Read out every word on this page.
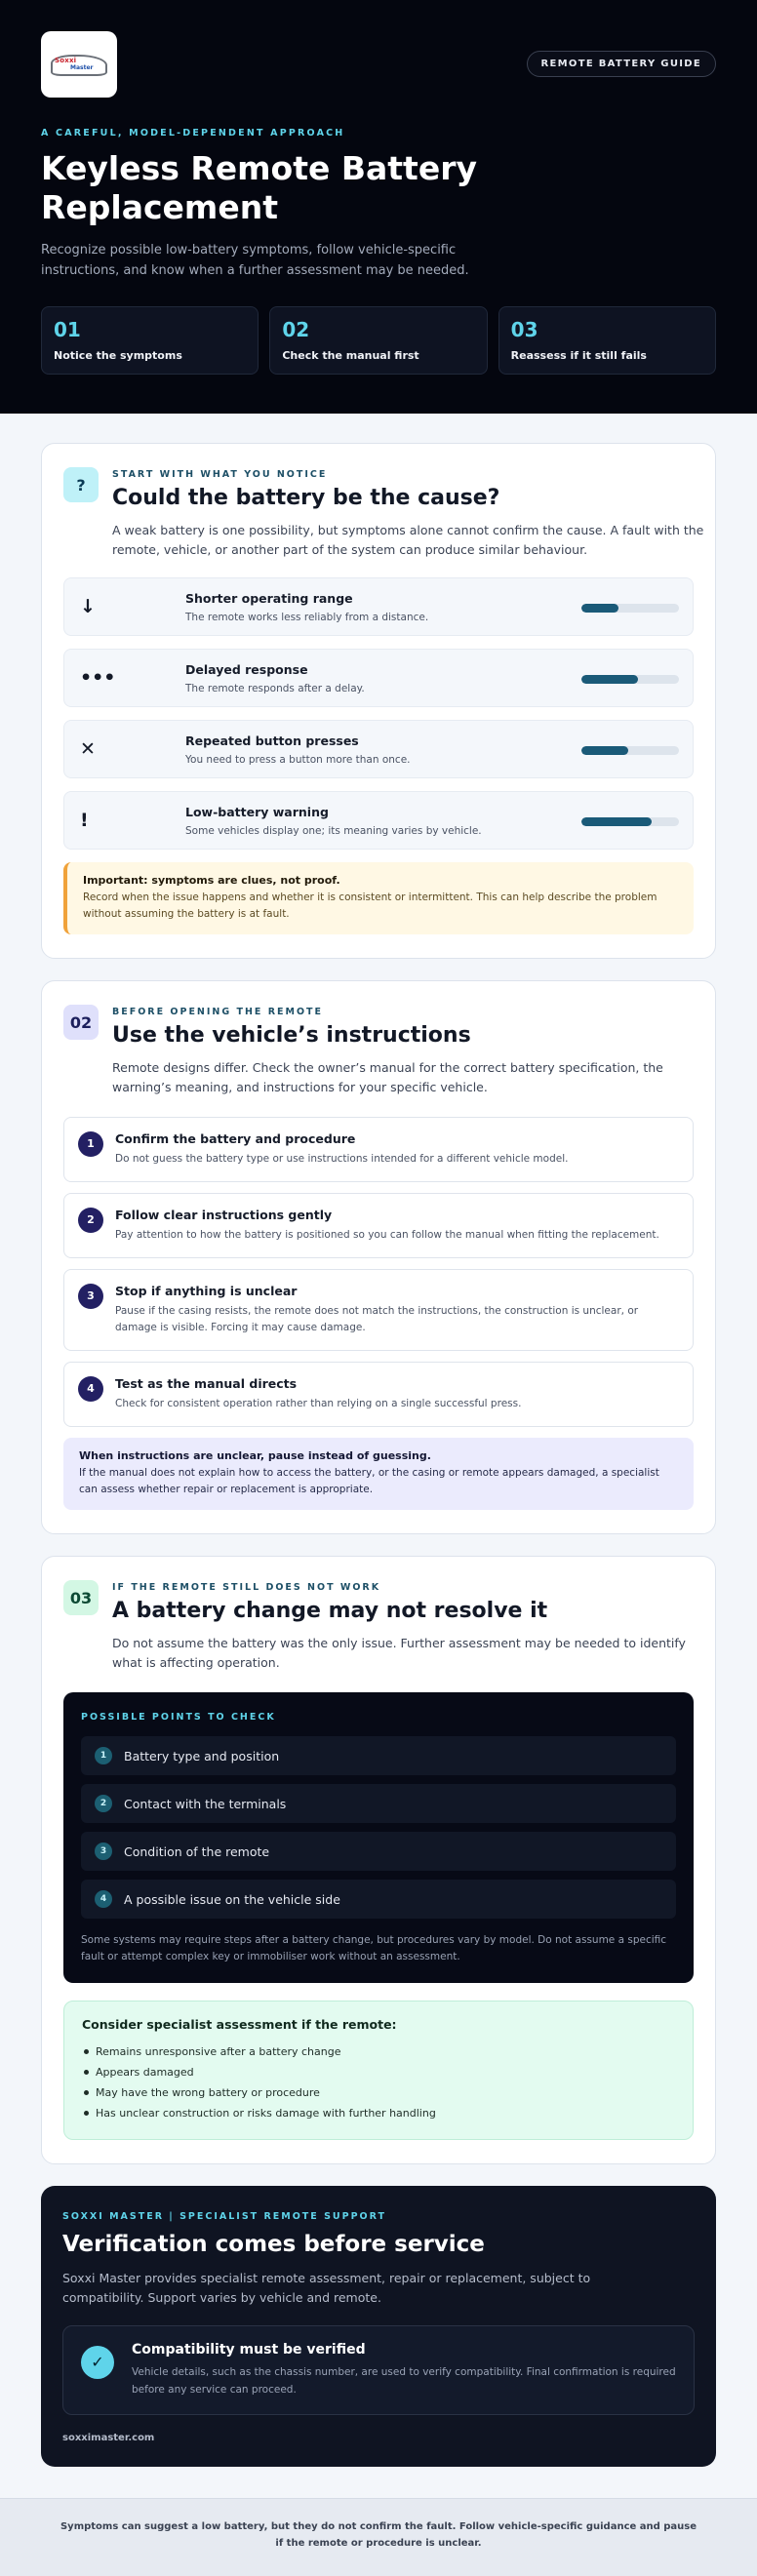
Soxxi
Master	REMOTE BATTERY GUIDE
A CAREFUL, MODEL-DEPENDENT APPROACH
Keyless Remote Battery Replacement

Recognize possible low-battery symptoms, follow vehicle-specific instructions, and know when a further assessment may be needed.

01
Notice the symptoms
02
Check the manual first
03
Reassess if it still fails
?
START WITH WHAT YOU NOTICE
Could the battery be the cause?

A weak battery is one possibility, but symptoms alone cannot confirm the cause. A fault with the remote, vehicle, or another part of the system can produce similar behaviour.

↓	Shorter operating range
The remote works less reliably from a distance.
•••	Delayed response
The remote responds after a delay.
✕	Repeated button presses
You need to press a button more than once.
!	Low-battery warning
Some vehicles display one; its meaning varies by vehicle.
Important: symptoms are clues, not proof.
Record when the issue happens and whether it is consistent or intermittent. This can help describe the problem without assuming the battery is at fault.
02
BEFORE OPENING THE REMOTE
Use the vehicle’s instructions

Remote designs differ. Check the owner’s manual for the correct battery specification, the warning’s meaning, and instructions for your specific vehicle.

1	Confirm the battery and procedure
Do not guess the battery type or use instructions intended for a different vehicle model.
2	Follow clear instructions gently
Pay attention to how the battery is positioned so you can follow the manual when fitting the replacement.
3	Stop if anything is unclear
Pause if the casing resists, the remote does not match the instructions, the construction is unclear, or damage is visible. Forcing it may cause damage.
4	Test as the manual directs
Check for consistent operation rather than relying on a single successful press.
When instructions are unclear, pause instead of guessing.
If the manual does not explain how to access the battery, or the casing or remote appears damaged, a specialist can assess whether repair or replacement is appropriate.
03
IF THE REMOTE STILL DOES NOT WORK
A battery change may not resolve it

Do not assume the battery was the only issue. Further assessment may be needed to identify what is affecting operation.

POSSIBLE POINTS TO CHECK
1	Battery type and position
2	Contact with the terminals
3	Condition of the remote
4	A possible issue on the vehicle side

Some systems may require steps after a battery change, but procedures vary by model. Do not assume a specific fault or attempt complex key or immobiliser work without an assessment.

Consider specialist assessment if the remote:
Remains unresponsive after a battery change
Appears damaged
May have the wrong battery or procedure
Has unclear construction or risks damage with further handling
SOXXI MASTER | SPECIALIST REMOTE SUPPORT
Verification comes before service

Soxxi Master provides specialist remote assessment, repair or replacement, subject to compatibility. Support varies by vehicle and remote.

✓
Compatibility must be verified
Vehicle details, such as the chassis number, are used to verify compatibility. Final confirmation is required before any service can proceed.
soxximaster.com

Symptoms can suggest a low battery, but they do not confirm the fault. Follow vehicle-specific guidance and pause if the remote or procedure is unclear.
